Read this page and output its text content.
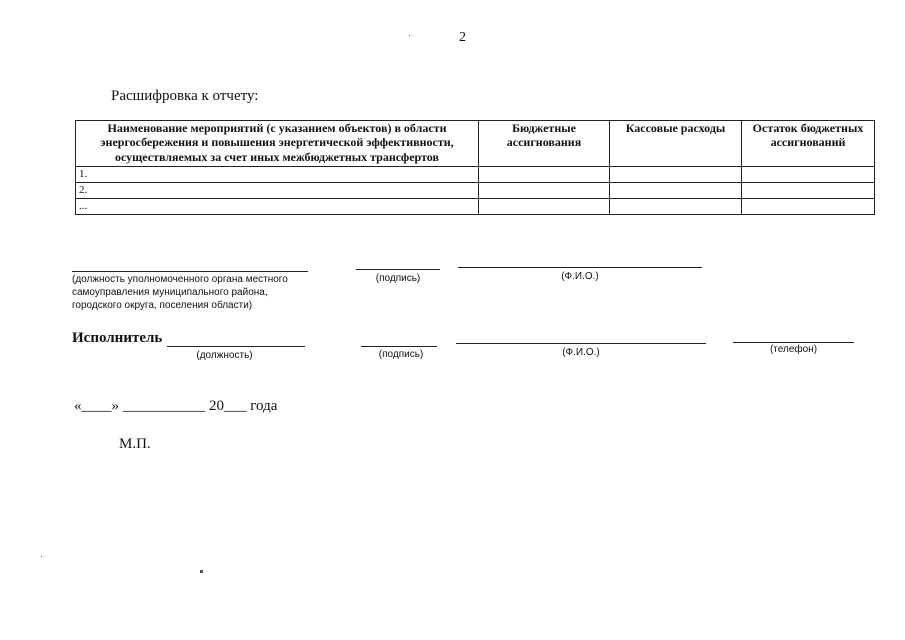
2
Расшифровка к отчету:
Наименование мероприятий (с указанием объектов) в области энергосбережения и повышения энергетической эффективности, осуществляемых за счет иных межбюджетных трансфертов	Бюджетные ассигнования	Кассовые расходы	Остаток бюджетных ассигнований
1.			
2.			
...			
(должность уполномоченного органа местного самоуправления муниципального района, городского округа, поселения области)
(подпись)	(Ф.И.О.)
Исполнитель
(должность)	(подпись)	(Ф.И.О.)	(телефон)
«____» ___________ 20___ года
М.П.
